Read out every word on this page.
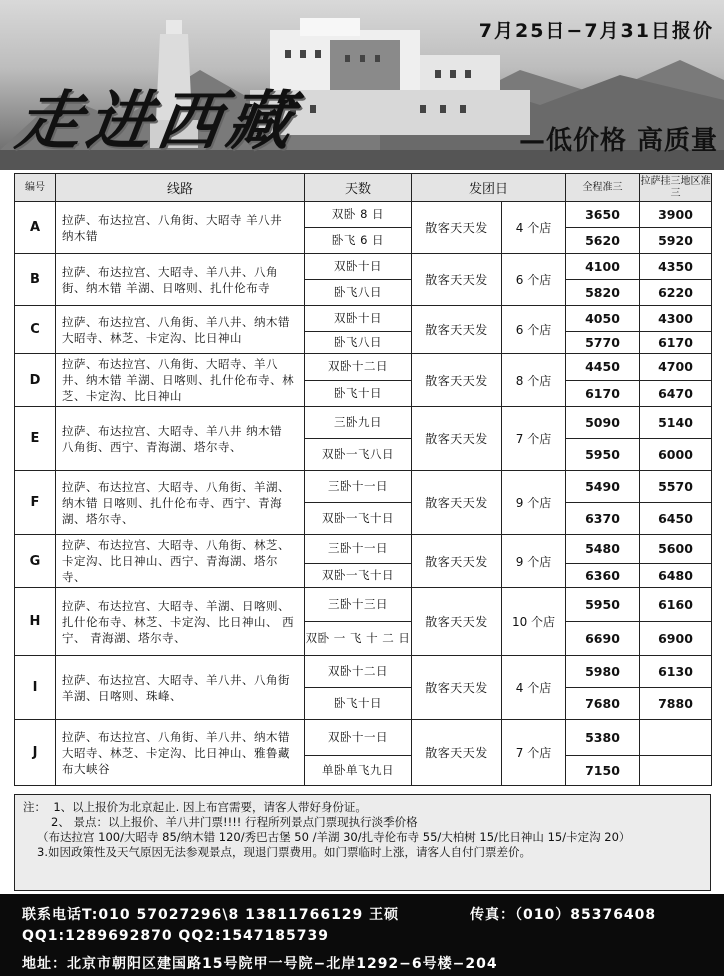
7月25日−7月31日报价
走进西藏	—低价格 高质量
编号	线路	天数	发团日		全程准三	拉萨挂三地区准三
A	拉萨、布达拉宫、八角街、大昭寺 羊八井 纳木错	双卧 8 日	散客天天发	4 个店	3650	3900
		卧飞 6 日			5620	5920
B	拉萨、布达拉宫、大昭寺、羊八井、八角街、纳木错 羊湖、日喀则、扎什伦布寺	双卧十日	散客天天发	6 个店	4100	4350
		卧飞八日			5820	6220
C	拉萨、布达拉宫、八角街、羊八井、纳木错 大昭寺、林芝、卡定沟、比日神山	双卧十日	散客天天发	6 个店	4050	4300
		卧飞八日			5770	6170
D	拉萨、布达拉宫、八角街、大昭寺、羊八井、纳木错 羊湖、日喀则、扎什伦布寺、林芝、卡定沟、比日神山	双卧十二日	散客天天发	8 个店	4450	4700
		卧飞十日			6170	6470
E	拉萨、布达拉宫、大昭寺、羊八井 纳木错 八角街、西宁、青海湖、塔尔寺、	三卧九日	散客天天发	7 个店	5090	5140
		双卧一飞八日			5950	6000
F	拉萨、布达拉宫、大昭寺、八角街、羊湖、纳木错 日喀则、扎什伦布寺、西宁、青海湖、塔尔寺、	三卧十一日	散客天天发	9 个店	5490	5570
		双卧一飞十日			6370	6450
G	拉萨、布达拉宫、大昭寺、八角街、林芝、卡定沟、比日神山、西宁、青海湖、塔尔寺、	三卧十一日	散客天天发	9 个店	5480	5600
		双卧一飞十日			6360	6480
H	拉萨、布达拉宫、大昭寺、羊湖、日喀则、扎什伦布寺、林芝、卡定沟、比日神山、 西宁、 青海湖、塔尔寺、	三卧十三日	散客天天发	10 个店	5950	6160
		双卧 一 飞 十 二 日			6690	6900
I	拉萨、布达拉宫、大昭寺、羊八井、八角街羊湖、日喀则、珠峰、	双卧十二日	散客天天发	4 个店	5980	6130
		卧飞十日			7680	7880
J	拉萨、布达拉宫、八角街、羊八井、纳木错 大昭寺、林芝、卡定沟、比日神山、雅鲁藏布大峡谷	双卧十一日	散客天天发	7 个店	5380	
		单卧单飞九日			7150	
注： 1、以上报价为北京起止. 因上布宫需要，请客人带好身份证。
2、 景点：以上报价、羊八井门票!!!! 行程所列景点门票现执行淡季价格
（布达拉宫 100/大昭寺 85/纳木错 120/秀巴古堡 50 /羊湖 30/扎寺伦布寺 55/大柏树 15/比日神山 15/卡定沟 20）
3.如因政策性及天气原因无法参观景点，现退门票费用。如门票临时上涨，请客人自付门票差价。
联系电话T:010 57027296\8 13811766129 王硕	传真：（010）85376408
QQ1:1289692870 QQ2:1547185739
地址：北京市朝阳区建国路15号院甲一号院−北岸1292−6号楼−204
